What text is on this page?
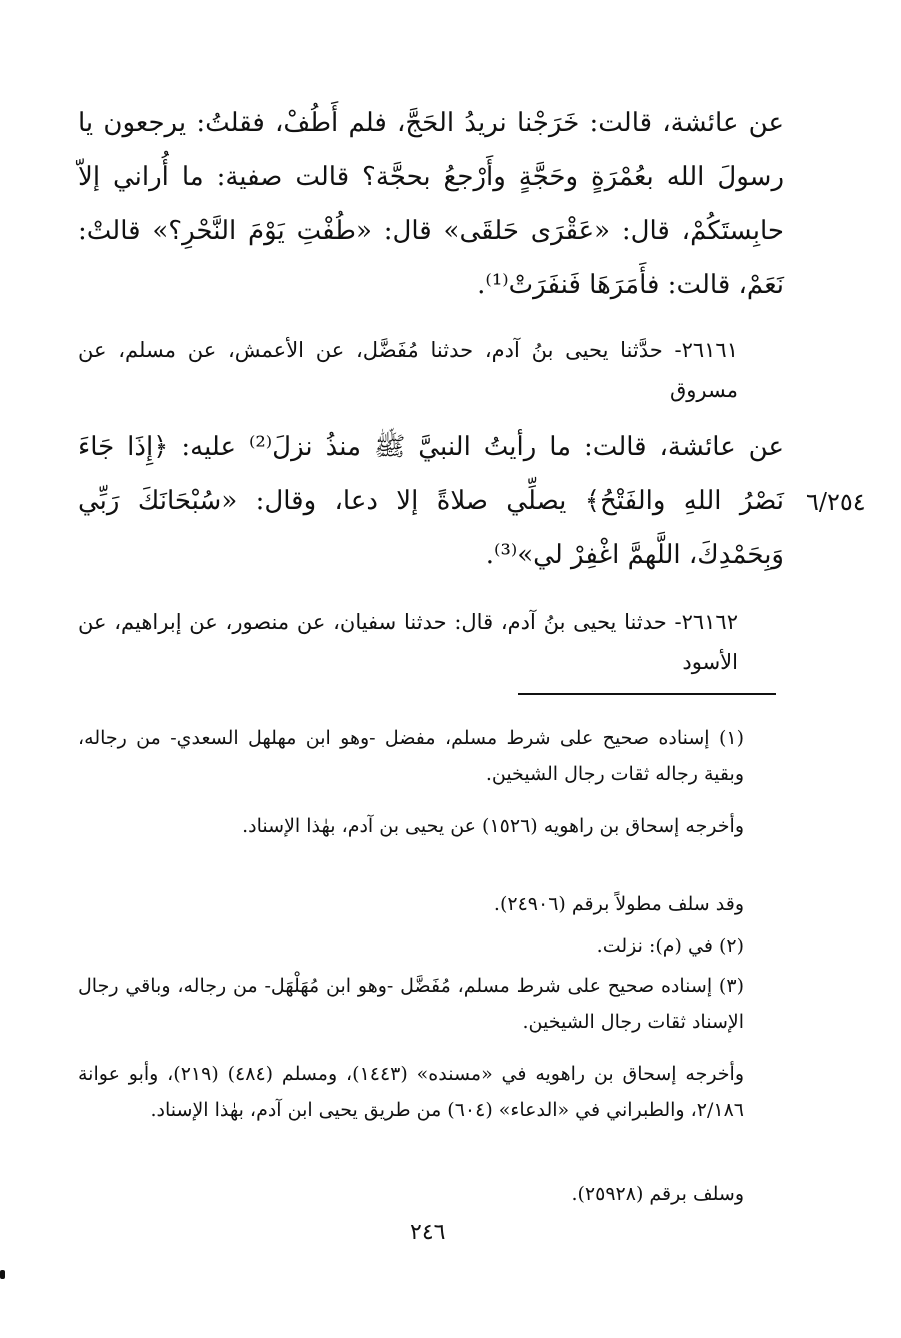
عن عائشة، قالت: خَرَجْنا نريدُ الحَجَّ، فلم أَطُفْ، فقلتُ: يرجعون يا رسولَ الله بعُمْرَةٍ وحَجَّةٍ وأَرْجعُ بحجَّة؟ قالت صفية: ما أُراني إلاّ حابِستَكُمْ، قال: «عَقْرَى حَلقَى» قال: «طُفْتِ يَوْمَ النَّحْرِ؟» قالتْ: نَعَمْ، قالت: فأَمَرَهَا فَنفَرَتْ⁽¹⁾.

٢٦١٦١- حدَّثنا يحيى بنُ آدم، حدثنا مُفَضَّل، عن الأعمش، عن مسلم، عن مسروق

عن عائشة، قالت: ما رأيتُ النبيَّ ﷺ منذُ نزلَ⁽²⁾ عليه: ﴿إِذَا جَاءَ نَصْرُ اللهِ والفَتْحُ﴾ يصلِّي صلاةً إلا دعا، وقال: «سُبْحَانَكَ رَبِّي وَبِحَمْدِكَ، اللَّهمَّ اغْفِرْ لي»⁽³⁾.

٦/٢٥٤

٢٦١٦٢- حدثنا يحيى بنُ آدم، قال: حدثنا سفيان، عن منصور، عن إبراهيم، عن الأسود

(١) إسناده صحيح على شرط مسلم، مفضل -وهو ابن مهلهل السعدي- من رجاله، وبقية رجاله ثقات رجال الشيخين.

وأخرجه إسحاق بن راهويه (١٥٢٦) عن يحيى بن آدم، بهٰذا الإسناد.

وقد سلف مطولاً برقم (٢٤٩٠٦).

(٢) في (م): نزلت.

(٣) إسناده صحيح على شرط مسلم، مُفَضَّل -وهو ابن مُهَلْهَل- من رجاله، وباقي رجال الإسناد ثقات رجال الشيخين.

وأخرجه إسحاق بن راهويه في «مسنده» (١٤٤٣)، ومسلم (٤٨٤) (٢١٩)، وأبو عوانة ٢/١٨٦، والطبراني في «الدعاء» (٦٠٤) من طريق يحيى ابن آدم، بهٰذا الإسناد.

وسلف برقم (٢٥٩٢٨).

٢٤٦
